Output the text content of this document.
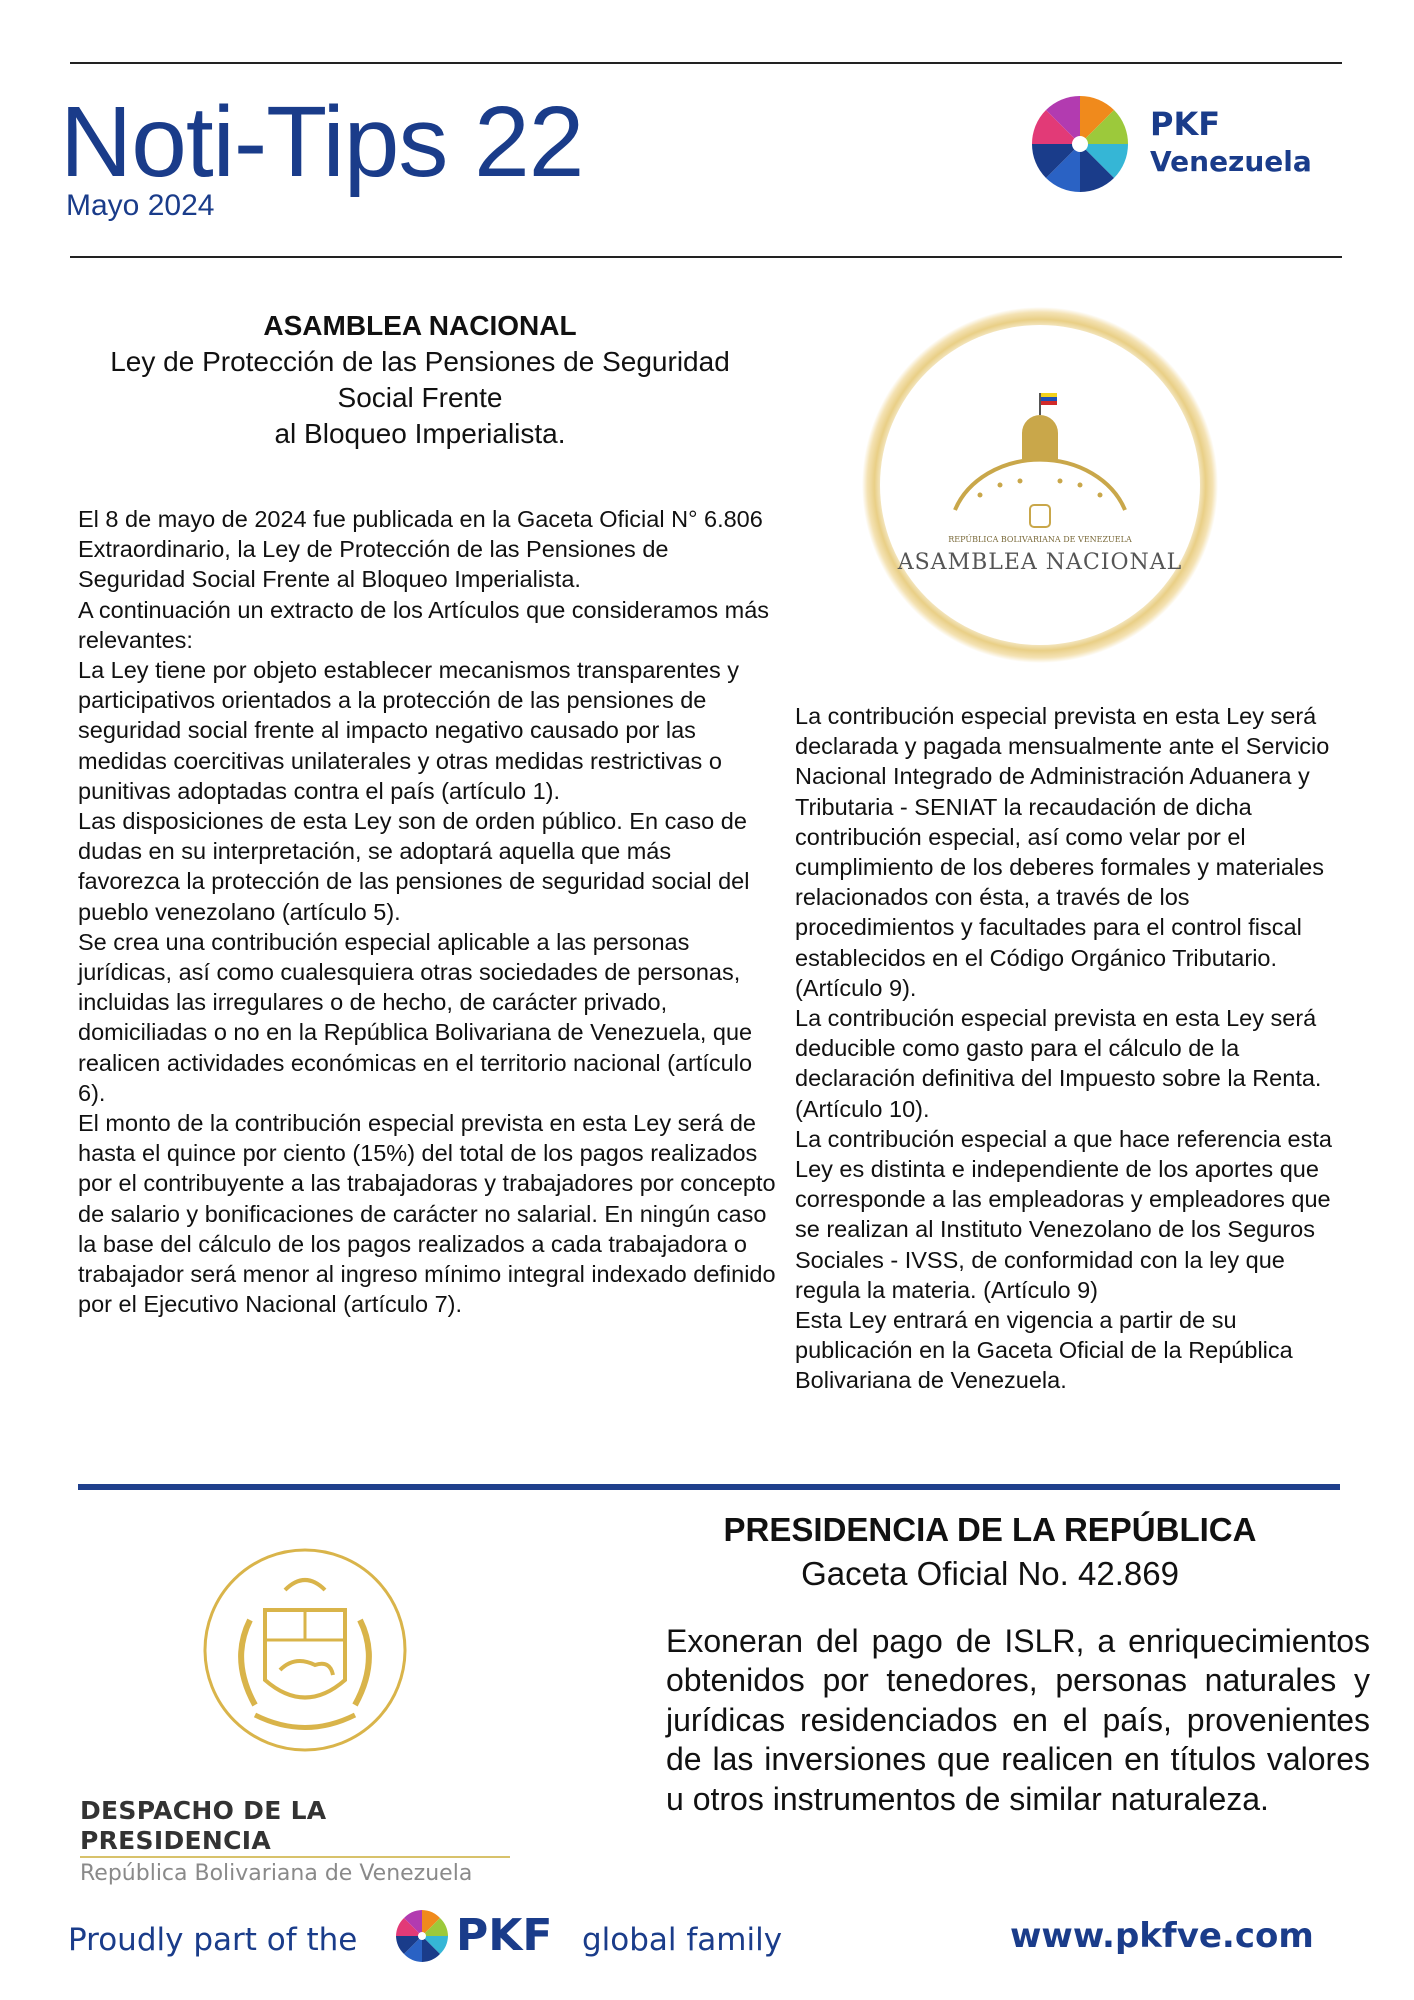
Noti-Tips 22
Mayo 2024
PKF
Venezuela
ASAMBLEA NACIONAL
Ley de Protección de las Pensiones de Seguridad
Social Frente
al Bloqueo Imperialista.
REPÚBLICA BOLIVARIANA DE VENEZUELA
ASAMBLEA NACIONAL

El 8 de mayo de 2024 fue publicada en la Gaceta Oficial N° 6.806 Extraordinario, la Ley de Protección de las Pensiones de Seguridad Social Frente al Bloqueo Imperialista.

A continuación un extracto de los Artículos que consideramos más relevantes:

La Ley tiene por objeto establecer mecanismos transparentes y participativos orientados a la protección de las pensiones de seguridad social frente al impacto negativo causado por las medidas coercitivas unilaterales y otras medidas restrictivas o punitivas adoptadas contra el país (artículo 1).

Las disposiciones de esta Ley son de orden público. En caso de dudas en su interpretación, se adoptará aquella que más favorezca la protección de las pensiones de seguridad social del pueblo venezolano (artículo 5).

Se crea una contribución especial aplicable a las personas jurídicas, así como cualesquiera otras sociedades de personas, incluidas las irregulares o de hecho, de carácter privado, domiciliadas o no en la República Bolivariana de Venezuela, que realicen actividades económicas en el territorio nacional (artículo 6).

El monto de la contribución especial prevista en esta Ley será de hasta el quince por ciento (15%) del total de los pagos realizados por el contribuyente a las trabajadoras y trabajadores por concepto de salario y bonificaciones de carácter no salarial. En ningún caso la base del cálculo de los pagos realizados a cada trabajadora o trabajador será menor al ingreso mínimo integral indexado definido por el Ejecutivo Nacional (artículo 7).

La contribución especial prevista en esta Ley será declarada y pagada mensualmente ante el Servicio Nacional Integrado de Administración Aduanera y Tributaria - SENIAT la recaudación de dicha contribución especial, así como velar por el cumplimiento de los deberes formales y materiales relacionados con ésta, a través de los procedimientos y facultades para el control fiscal establecidos en el Código Orgánico Tributario. (Artículo 9).

La contribución especial prevista en esta Ley será deducible como gasto para el cálculo de la declaración definitiva del Impuesto sobre la Renta. (Artículo 10).

La contribución especial a que hace referencia esta Ley es distinta e independiente de los aportes que corresponde a las empleadoras y empleadores que se realizan al Instituto Venezolano de los Seguros Sociales - IVSS, de conformidad con la ley que regula la materia. (Artículo 9)

Esta Ley entrará en vigencia a partir de su publicación en la Gaceta Oficial de la República Bolivariana de Venezuela.

DESPACHO DE LA PRESIDENCIA
República Bolivariana de Venezuela
PRESIDENCIA DE LA REPÚBLICA
Gaceta Oficial No. 42.869
Exoneran del pago de ISLR, a enriquecimientos obtenidos por tenedores, personas naturales y jurídicas residenciados en el país, provenientes de las inversiones que realicen en títulos valores u otros instrumentos de similar naturaleza.
Proudly part of the PKF global family	www.pkfve.com
